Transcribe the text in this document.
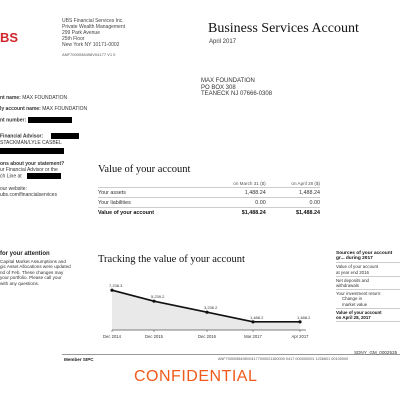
BS
UBS Financial Services Inc.
Private Wealth Management
299 Park Avenue
25th Floor
New York NY 10171-0002
ANF7000058498V04177 V1 0
Business Services Account
April 2017
MAX FOUNDATION
PO BOX 308
TEANECK NJ 07666-0308
nt name: MAX FOUNDATION
ly account name: MAX FOUNDATION
nt number:
Financial Advisor:
STACKMAN/LYLE CASBEL
ons about your statement?
ur Financial Advisor or the
ch Line at
our website:
ubs.com/financialservices
for your attention
Capital Market Assumptions and
gic Asset Allocations were updated
nd of Feb. These changes may
your portfolio. Please call your
with any questions.
Value of your account
	on March 31 ($)	on April 28 ($)
Your assets	1,488.24	1,488.24
Your liabilities	0.00	0.00
Value of your account	$1,488.24	$1,488.24
Sources of your account gr... during 2017
Value of your account
at year end 2016
Net deposits and
withdrawals
Your investment return:
Change in
market value
Value of your account
on April 28, 2017
Tracking the value of your account
7,238.3
Dec 2014
5,239.2
Dec 2015
3,236.2
Dec 2016
1,488.2
Mar 2017
1,488.2
Apr 2017
Member SIPC	ANF7000058498V04177000021160000 0417 000000001 1226601 00100000
SDNY_GM_0002535
CONFIDENTIAL
